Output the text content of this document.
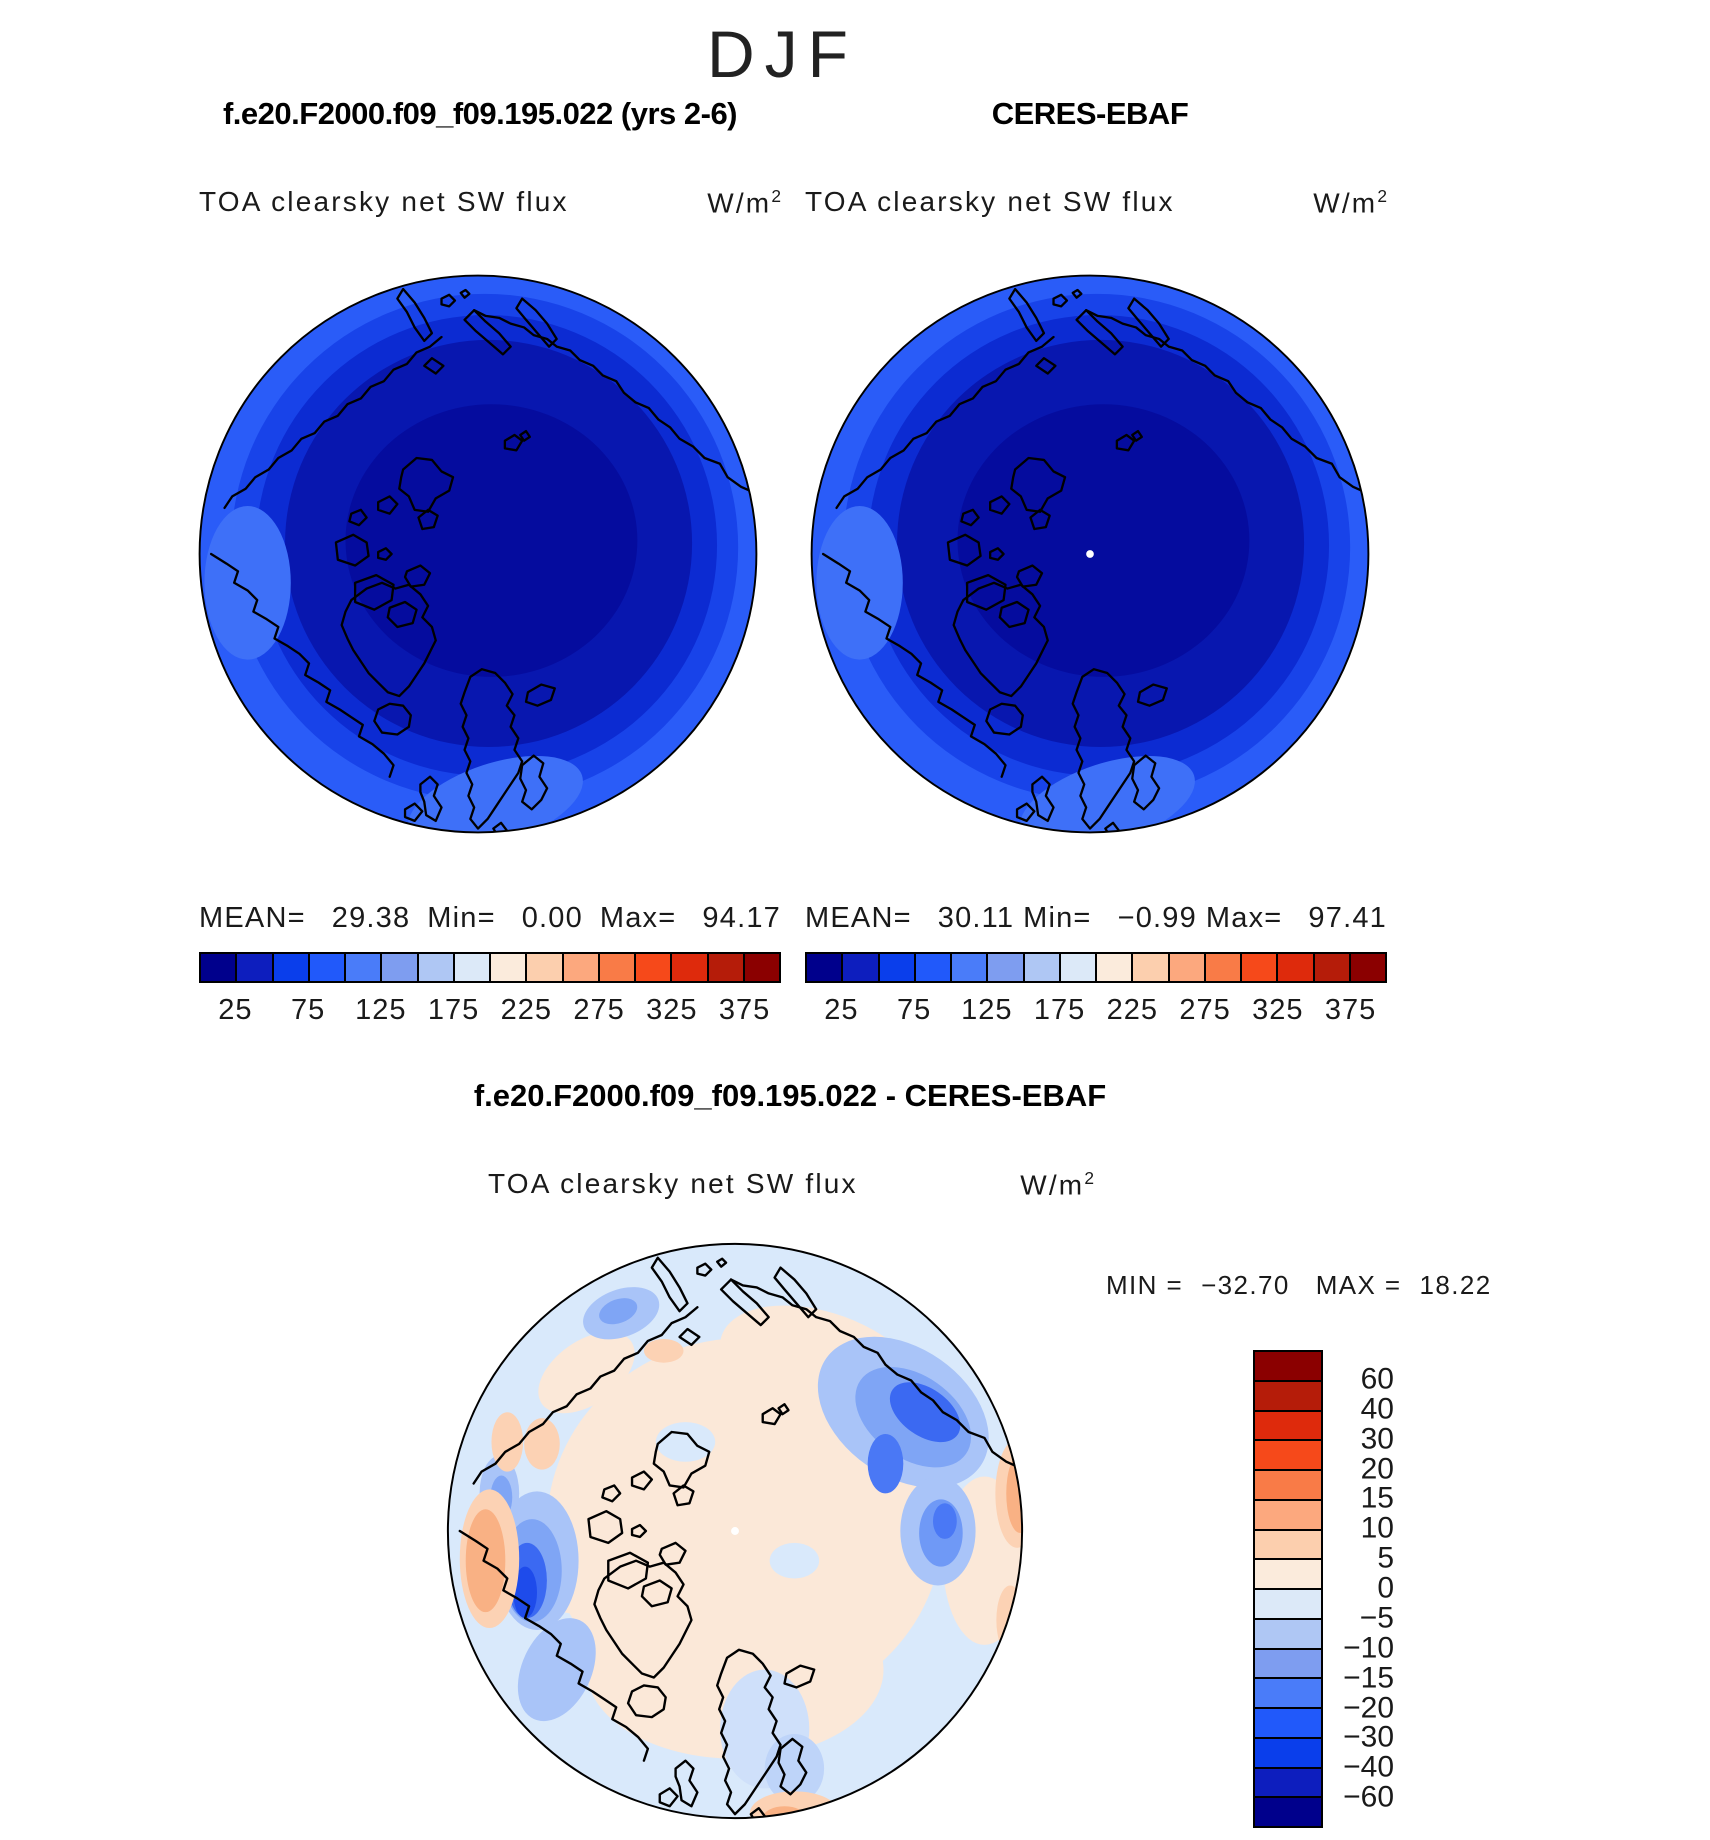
DJF
f.e20.F2000.f09_f09.195.022 (yrs 2-6)	CERES-EBAF
TOA clearsky net SW flux	$W/m^2$ TOA clearsky net SW flux	$W/m^2$
MEAN= 29.38 Min= 0.00 Max= 94.17 MEAN= 30.11 Min= −0.99 Max= 97.41
25 75 125 175 225 275 325 375 25 75 125 175 225 275 325 375
f.e20.F2000.f09_f09.195.022 - CERES-EBAF
TOA clearsky net SW flux	$W/m^2$
MIN = −32.70 MAX = 18.22
60
40
30
20
15
10
5
0
−5
−10
−15
−20
−30
−40
−60
